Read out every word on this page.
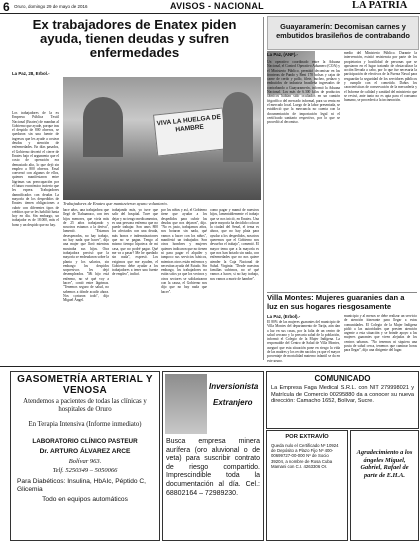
6 Oruro, domingo 29 de mayo de 2016	AVISOS - NACIONAL	LA PATRIA
Ex trabajadores de Enatex piden ayuda, tienen deudas y sufren enfermedades
La Paz, 28, Erbol.-
Los trabajadores de la ex Empresa Pública Textil Nacional (Enatex) de mandan al Gobierno que ayude, porque tras el despido de 800 obreros, se quedaron sin una fuente de ingresos que les ayude a costear deudas y atención de enfermedades. En días pasados, el Gobierno decretó el cierre de Enatex bajo el argumento que el costo de operación era demasiado alto, lo que dejó sin empleo a 800 obreros. Ersal conversó con algunos de ellos, quienes manifestaron entre lágrimas sus preocupación por el futuro económico incierto que les espera. Trabajadores damnificados con deudas La mayoría de los despedidos de Enatex tienen obligaciones a cubrir con diferentes tipos de créditos que se les habilitó hasta hoy en día. Sin embargo, un trabajador es de 18.000, más el bono y un despido que no hay.
VIVA LA HUELGA DE HAMBRE
Trabajadores de Enatex que mantuvieron ayuno voluntario.
hace años, una trabajadora que llegó de Tiahuanaco, con tres hijos menores, que vivía más de 25 años trabajando y nosotros estamos a la deriva", lamentó. "Estamos desesperados, no hay trabajo, no hay nada que hacer", dijo una mujer que lloró mientras mostraba sus hijos. Otra trabajadora precisó que la mayoría se endeudaron sobre la planta y los salarios, sin embargo los despidos sorpresivos les dejó desempleados. "Mi hijo está enfermo, no sé qué voy a hacer", contó entre lágrimas. "Tenemos seguro de salud, no sabemos a dónde acudir ahora. Nos cortaron todo", dijo Miguel Ángel.
trabajando más, yo tuve que salir del hospital. Tuve que dejar y no tengo medicamentos, es una persona enferma que no puede trabajar. Son unos 800 los afectados con una deuda, más bonos e indemnizaciones que no se pagan. Tengo al mismo tiempo hipoteca de mi casa, que no podré pagar. Qué me va a pasar? Me he quedado sin nada", expresó. Los exigimos que me ayuden, el Gobierno debe ayudar a los trabajadores a tener una fuente de empleo", indicó.
por los niños y así, el Gobierno tiene que ayudar a los despedidos para cubrir las deudas que nos dejaron", dijo. "No es justo, trabajamos años, nos botaron sin nada, qué vamos a hacer con los niños", manifestó un trabajador. Son otros hombres y mujeres quienes indicaron que no tienen ni para pagar el alquiler y tampoco sus servicios básicos, mientras otros están enfermos y necesitan ayuda del Estado. Sin embargo, los trabajadores no están solos ya que los vecinos y otros sectores se solidarizaron con la causa, el Gobierno nos dijo que no hay nada que hacer".
como pagar y mamá de nuestros hijos, lamentablemente el trabajo que se nos inició, en Enatex. Una parte mayoría ha decidido colocar la ciudad del Senal, el tema es ahora, que no hay plata para ayudar a los despedidos, nosotros queremos que el Gobierno nos devuelva el trabajo", comentó. El mayor tema que a la mayoría es que nos han botado sin nada, con enfermedades que no nos quiere atender la Caja Nacional de Salud. Virginia: "Desde nuestras familias sufrimos, no sé qué vamos a hacer, si no hay trabajo, nos vamos a morir de hambre".
Guayaramerín: Decomisan carnes y embutidos brasileños de contrabando
La Paz, (ANF).-
Un operativo coordinado entre la Aduana Nacional, el Control Operativo Aduanero (COA) y el Ministerio Público, permitió decomisar en las fronteras de Pando y Beni 170 bolsas y cajas de carne de cerdo y pollo, filete, bucheo, pedazo y embutidos de industria brasileña ingresados de contrabando a Guayaramerín, informó la Aduana Nacional. Los más de 6.300 kilos de productos cárnicos habían sido ocultados en un camión frigorífico del mercado informal, para su venta en el mercado local. Luego de la labor presentada, se estableció que la mercancía no cuenta con la documentación de importación legal ni el certificado sanitario respectivo, por lo que se procedió al decomiso.
medio del Ministerio Público. Durante la intervención, existió resistencia por parte de los propietarios y hostilidad de personas que se apostaron en el lugar tratando de obstaculizar la acción llevada a cabo, por lo que fue necesaria la participación de efectivos de la Fuerza Naval para resguardar la seguridad de los servidores públicos y cumplir con el cometido. Daños los características de conservación de la mercadería y el Informe de calidad y sanidad del ministerio que se revisó, ante tanto no es apta para el consumo humano, se procederá a la incineración.
Villa Montes: Mujeres guaranies dan a luz en sus hogares riesgosamente
La Paz, (Erbol).-
El 80% de las mujeres guaranies del municipio de Villa Montes del departamento de Tarija, aún dan a luz en sus casas, por la falta de un centro de salud cercano y la precaria salud de la población, informó el Colegio de la Mujer Indígena. La responsable del Centro de Salud de Villa Montes, aseguró que esta situación pone en riesgo la vida de las madres y los recién nacidos ya que el mayor porcentaje de mortalidad materno infantil se da en este grupo.
municipio y al menos se debe realizar un servicio de atención itinerante para llegar a estas comunidades. El Colegio de la Mujer Indígena pidió a las autoridades que presten atención urgente a esta situación y se brinde apoyo a las mujeres guaranies que viven alejadas de los centros urbanos. "No tenemos ni siquiera una posta de salud cerca, tenemos que caminar horas para llegar", dijo una dirigente del lugar.
GASOMETRÍA ARTERIAL Y VENOSA
Atendemos a pacientes de todas las clínicas y hospitales de Oruro
En Terapia Intensiva (Informe inmediato)
LABORATORIO CLÍNICO PASTEUR
Dr. ARTURO ÁLVAREZ ARCE
Bolívar 963.
Telf. 5250349 – 5050066
Para Diabéticos: Insulina, HbAIc, Péptido C, Glicemia
Todo en equipos automáticos
Inversionista
Extranjero
Busca empresa minera aurífera (oro aluvional o de veta) para suscribir contrato de riesgo compartido. Imprescindible toda la documentación al día. Cel.: 68802164 – 72989230.
COMUNICADO
La Empresa Faga Medical S.R.L. con NIT 279998021 y Matrícula de Comercio 00295880 da a conocer su nueva dirección: Camacho 1652, Bolívar, Sucre.
POR EXTRAVÍO
Queda nulo el Certificado Nº 10924 de Depósito a Plazo Fijo Nº 400-00699727-00-000 Nº de Socio 39204, a nombre de Rosa Cuba Mamani con C.I. 4263306 Or.
Agradecimiento a los ángeles Miguel, Gabriel, Rafael de parte de E.H.A.
